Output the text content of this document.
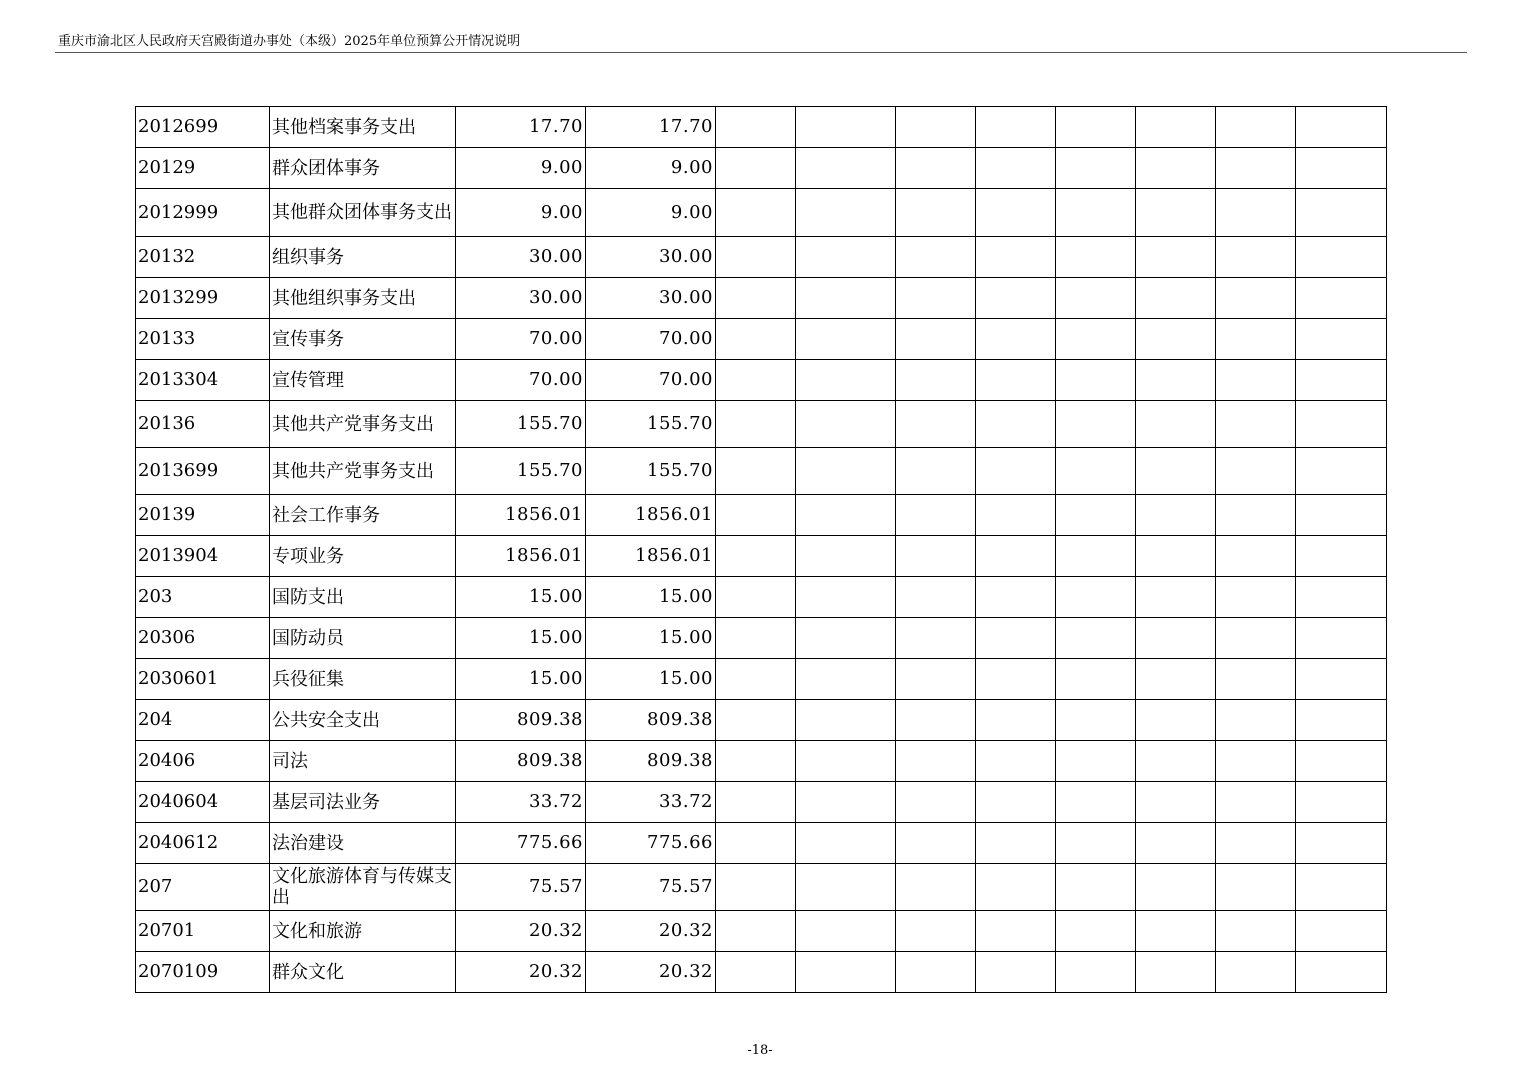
重庆市渝北区人民政府天宫殿街道办事处（本级）2025年单位预算公开情况说明
2012699	其他档案事务支出	17.70	17.70								
20129	群众团体事务	9.00	9.00								
2012999	其他群众团体事务支出	9.00	9.00								
20132	组织事务	30.00	30.00								
2013299	其他组织事务支出	30.00	30.00								
20133	宣传事务	70.00	70.00								
2013304	宣传管理	70.00	70.00								
20136	其他共产党事务支出	155.70	155.70								
2013699	其他共产党事务支出	155.70	155.70								
20139	社会工作事务	1856.01	1856.01								
2013904	专项业务	1856.01	1856.01								
203	国防支出	15.00	15.00								
20306	国防动员	15.00	15.00								
2030601	兵役征集	15.00	15.00								
204	公共安全支出	809.38	809.38								
20406	司法	809.38	809.38								
2040604	基层司法业务	33.72	33.72								
2040612	法治建设	775.66	775.66								
207	文化旅游体育与传媒支出	75.57	75.57								
20701	文化和旅游	20.32	20.32								
2070109	群众文化	20.32	20.32								
-18-
